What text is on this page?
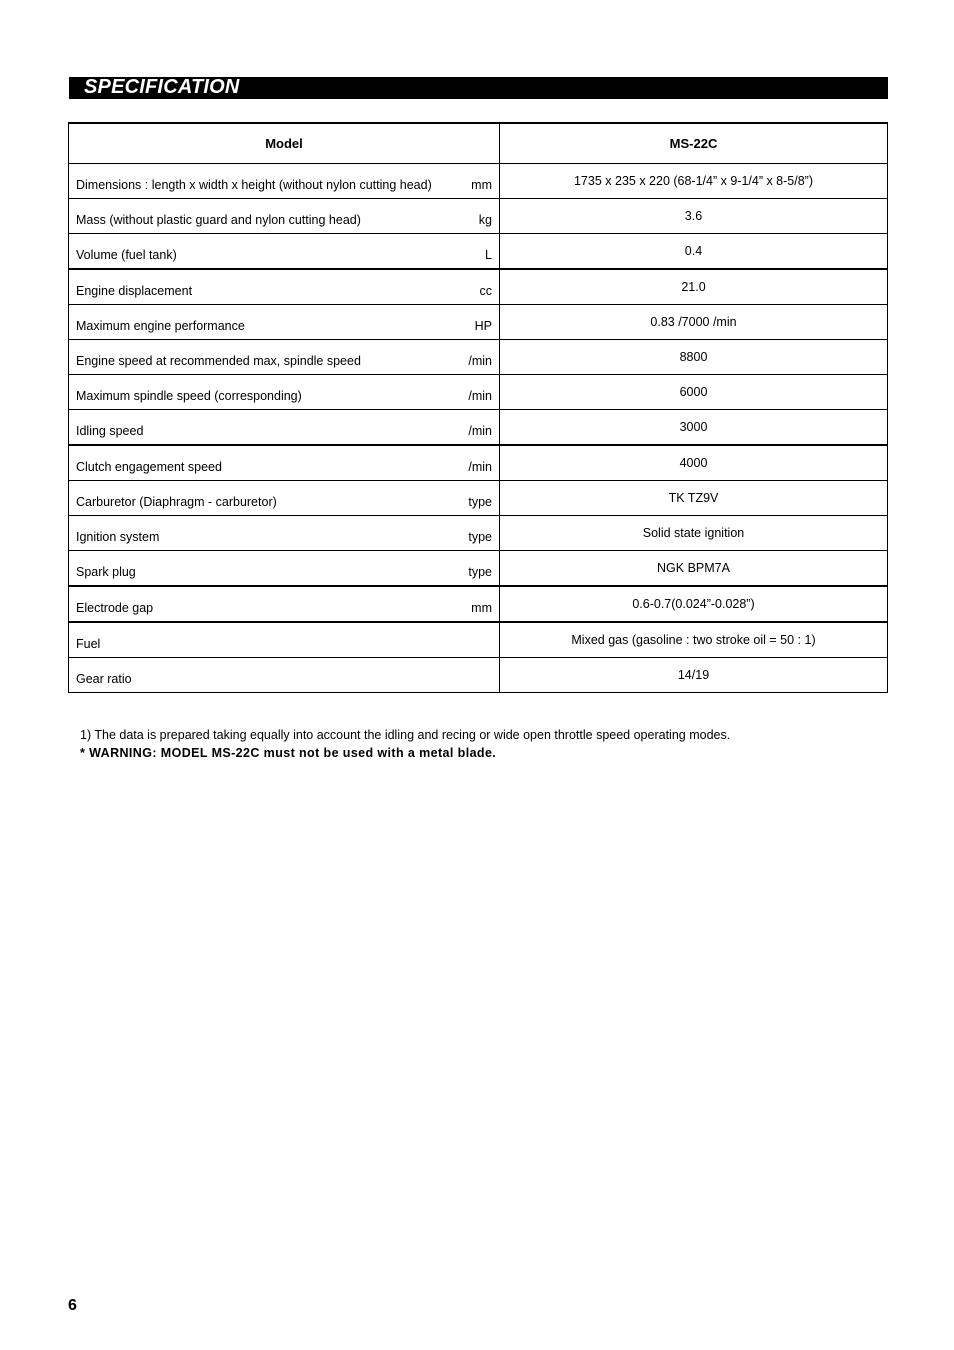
SPECIFICATION
Model	MS-22C

Dimensions : length x width x height (without nylon cutting head) mm	1735 x 235 x 220 (68-1/4” x 9-1/4” x 8-5/8”)

Mass (without plastic guard and nylon cutting head) kg	3.6

Volume (fuel tank) L	0.4

Engine displacement cc	21.0

Maximum engine performance HP	0.83 /7000 /min

Engine speed at recommended max, spindle speed /min	8800

Maximum spindle speed (corresponding) /min	6000

Idling speed /min	3000

Clutch engagement speed /min	4000

Carburetor (Diaphragm - carburetor) type	TK TZ9V

Ignition system type	Solid state ignition

Spark plug type	NGK BPM7A

Electrode gap mm	0.6-0.7(0.024”-0.028”)

Fuel	Mixed gas (gasoline : two stroke oil = 50 : 1)

Gear ratio	14/19
1) The data is prepared taking equally into account the idling and recing or wide open throttle speed operating modes.
* WARNING: MODEL MS-22C must not be used with a metal blade.
6
